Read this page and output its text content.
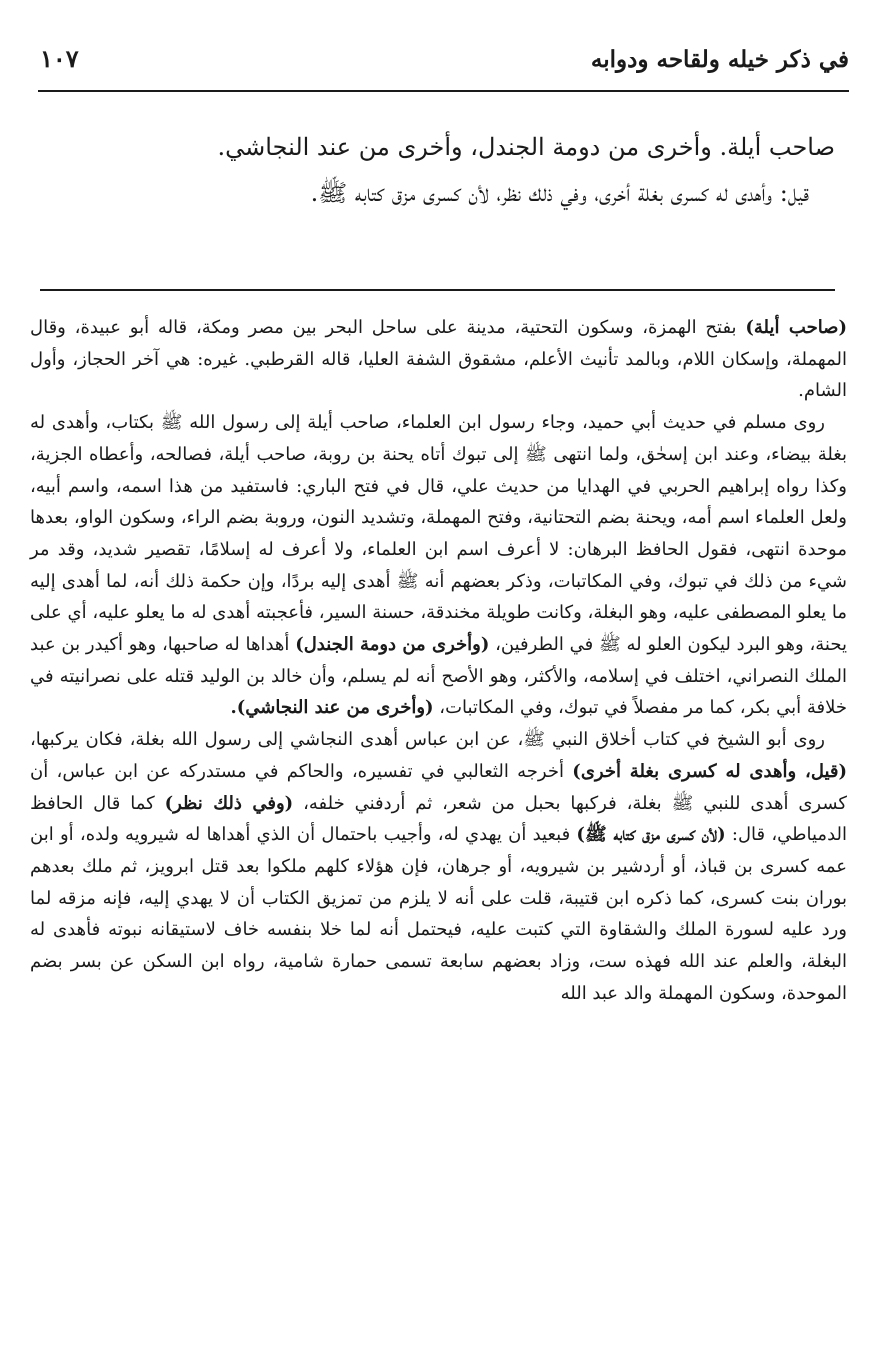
في ذكر خيله ولقاحه ودوابه
١٠٧

صاحب أيلة. وأخرى من دومة الجندل، وأخرى من عند النجاشي.

قيل: وأهدى له كسرى بغلة أخرى، وفي ذلك نظر، لأن كسرى مزق كتابه ﷺ.

(صاحب أيلة) بفتح الهمزة، وسكون التحتية، مدينة على ساحل البحر بين مصر ومكة، قاله أبو عبيدة، وقال المهملة، وإسكان اللام، وبالمد تأنيث الأعلم، مشقوق الشفة العليا، قاله القرطبي. غيره: هي آخر الحجاز، وأول الشام.

روى مسلم في حديث أبي حميد، وجاء رسول ابن العلماء، صاحب أيلة إلى رسول الله ﷺ بكتاب، وأهدى له بغلة بيضاء، وعند ابن إسحٰق، ولما انتهى ﷺ إلى تبوك أتاه يحنة بن روبة، صاحب أيلة، فصالحه، وأعطاه الجزية، وكذا رواه إبراهيم الحربي في الهدايا من حديث علي، قال في فتح الباري: فاستفيد من هذا اسمه، واسم أبيه، ولعل العلماء اسم أمه، ويحنة بضم التحتانية، وفتح المهملة، وتشديد النون، وروبة بضم الراء، وسكون الواو، بعدها موحدة انتهى، فقول الحافظ البرهان: لا أعرف اسم ابن العلماء، ولا أعرف له إسلامًا، تقصير شديد، وقد مر شيء من ذلك في تبوك، وفي المكاتبات، وذكر بعضهم أنه ﷺ أهدى إليه بردًا، وإن حكمة ذلك أنه، لما أهدى إليه ما يعلو المصطفى عليه، وهو البغلة، وكانت طويلة مخندقة، حسنة السير، فأعجبته أهدى له ما يعلو عليه، أي على يحنة، وهو البرد ليكون العلو له ﷺ في الطرفين، (وأخرى من دومة الجندل) أهداها له صاحبها، وهو أكيدر بن عبد الملك النصراني، اختلف في إسلامه، والأكثر، وهو الأصح أنه لم يسلم، وأن خالد بن الوليد قتله على نصرانيته في خلافة أبي بكر، كما مر مفصلاً في تبوك، وفي المكاتبات، (وأخرى من عند النجاشي).

روى أبو الشيخ في كتاب أخلاق النبي ﷺ، عن ابن عباس أهدى النجاشي إلى رسول الله بغلة، فكان يركبها، (قيل، وأهدى له كسرى بغلة أخرى) أخرجه الثعالبي في تفسيره، والحاكم في مستدركه عن ابن عباس، أن كسرى أهدى للنبي ﷺ بغلة، فركبها بحبل من شعر، ثم أردفني خلفه، (وفي ذلك نظر) كما قال الحافظ الدمياطي، قال: (لأن كسرى مزق كتابه ﷺ) فبعيد أن يهدي له، وأجيب باحتمال أن الذي أهداها له شيرويه ولده، أو ابن عمه كسرى بن قباذ، أو أردشير بن شيرويه، أو جرهان، فإن هؤلاء كلهم ملكوا بعد قتل ابرويز، ثم ملك بعدهم بوران بنت كسرى، كما ذكره ابن قتيبة، قلت على أنه لا يلزم من تمزيق الكتاب أن لا يهدي إليه، فإنه مزقه لما ورد عليه لسورة الملك والشقاوة التي كتبت عليه، فيحتمل أنه لما خلا بنفسه خاف لاستيقانه نبوته فأهدى له البغلة، والعلم عند الله فهذه ست، وزاد بعضهم سابعة تسمى حمارة شامية، رواه ابن السكن عن بسر بضم الموحدة، وسكون المهملة والد عبد الله
